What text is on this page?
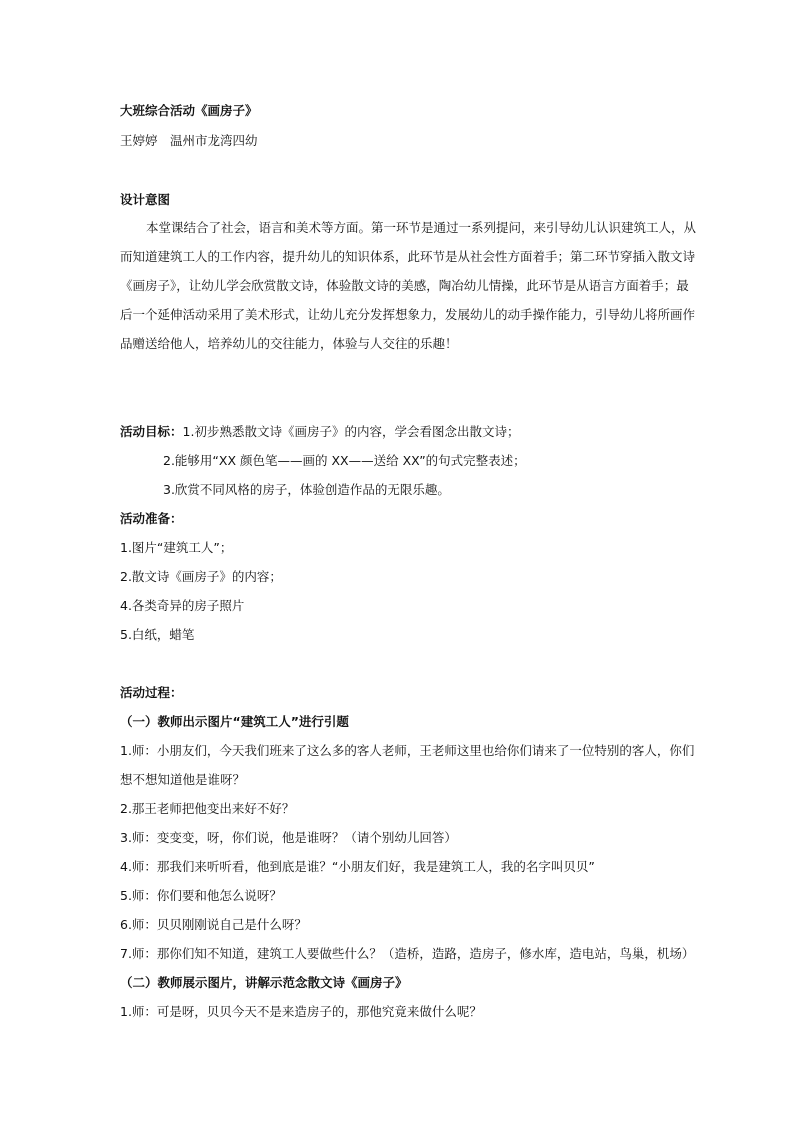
大班综合活动《画房子》
王婷婷　温州市龙湾四幼
设计意图
本堂课结合了社会，语言和美术等方面。第一环节是通过一系列提问，来引导幼儿认识建筑工人，从
而知道建筑工人的工作内容，提升幼儿的知识体系，此环节是从社会性方面着手；第二环节穿插入散文诗
《画房子》，让幼儿学会欣赏散文诗，体验散文诗的美感，陶冶幼儿情操，此环节是从语言方面着手；最
后一个延伸活动采用了美术形式，让幼儿充分发挥想象力，发展幼儿的动手操作能力，引导幼儿将所画作
品赠送给他人，培养幼儿的交往能力，体验与人交往的乐趣！
活动目标：1.初步熟悉散文诗《画房子》的内容，学会看图念出散文诗；
2.能够用“XX 颜色笔——画的 XX——送给 XX”的句式完整表述；
3.欣赏不同风格的房子，体验创造作品的无限乐趣。
活动准备：
1.图片“建筑工人”；
2.散文诗《画房子》的内容；
4.各类奇异的房子照片
5.白纸，蜡笔
活动过程：
（一）教师出示图片“建筑工人”进行引题
1.师：小朋友们，今天我们班来了这么多的客人老师，王老师这里也给你们请来了一位特别的客人，你们
想不想知道他是谁呀？
2.那王老师把他变出来好不好？
3.师：变变变，呀，你们说，他是谁呀？（请个别幼儿回答）
4.师：那我们来听听看，他到底是谁？“小朋友们好，我是建筑工人，我的名字叫贝贝”
5.师：你们要和他怎么说呀？
6.师：贝贝刚刚说自己是什么呀？
7.师：那你们知不知道，建筑工人要做些什么？（造桥，造路，造房子，修水库，造电站，鸟巢，机场）
（二）教师展示图片，讲解示范念散文诗《画房子》
1.师：可是呀，贝贝今天不是来造房子的，那他究竟来做什么呢？
